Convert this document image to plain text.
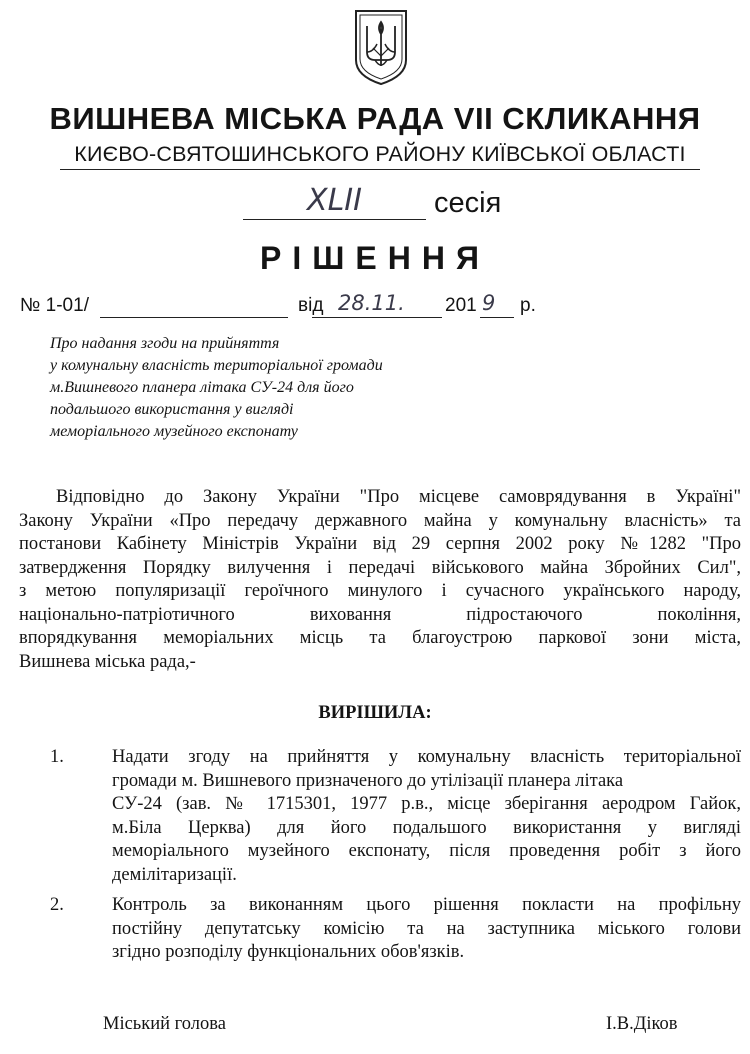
ВИШНЕВА МІСЬКА РАДА VII СКЛИКАННЯ
КИЄВО-СВЯТОШИНСЬКОГО РАЙОНУ КИЇВСЬКОЇ ОБЛАСТІ
XLII	сесія
РІШЕННЯ
№ 1-01/	від 28.11. 201 9 р.
Про надання згоди на прийняття
у комунальну власність територіальної громади
м.Вишневого планера літака СУ-24 для його
подальшого використання у вигляді
меморіального музейного експонату
Відповідно до Закону України "Про місцеве самоврядування в Україні"
Закону України «Про передачу державного майна у комунальну власність» та
постанови Кабінету Міністрів України від 29 серпня 2002 року №1282 "Про
затвердження Порядку вилучення і передачі військового майна Збройних Сил",
з метою популяризації героїчного минулого і сучасного українського народу,
національно-патріотичного виховання підростаючого покоління,
впорядкування меморіальних місць та благоустрою паркової зони міста,
Вишнева міська рада,-
ВИРІШИЛА:
1.	Надати згоду на прийняття у комунальну власність територіальної
громади м. Вишневого призначеного до утілізації планера літака
СУ-24 (зав. № 1715301, 1977 р.в., місце зберігання аеродром Гайок,
м.Біла Церква) для його подальшого використання у вигляді
меморіального музейного експонату, після проведення робіт з його
демілітаризації.
2.	Контроль за виконанням цього рішення покласти на профільну
постійну депутатську комісію та на заступника міського голови
згідно розподілу функціональних обов'язків.
Міський голова	І.В.Діков
